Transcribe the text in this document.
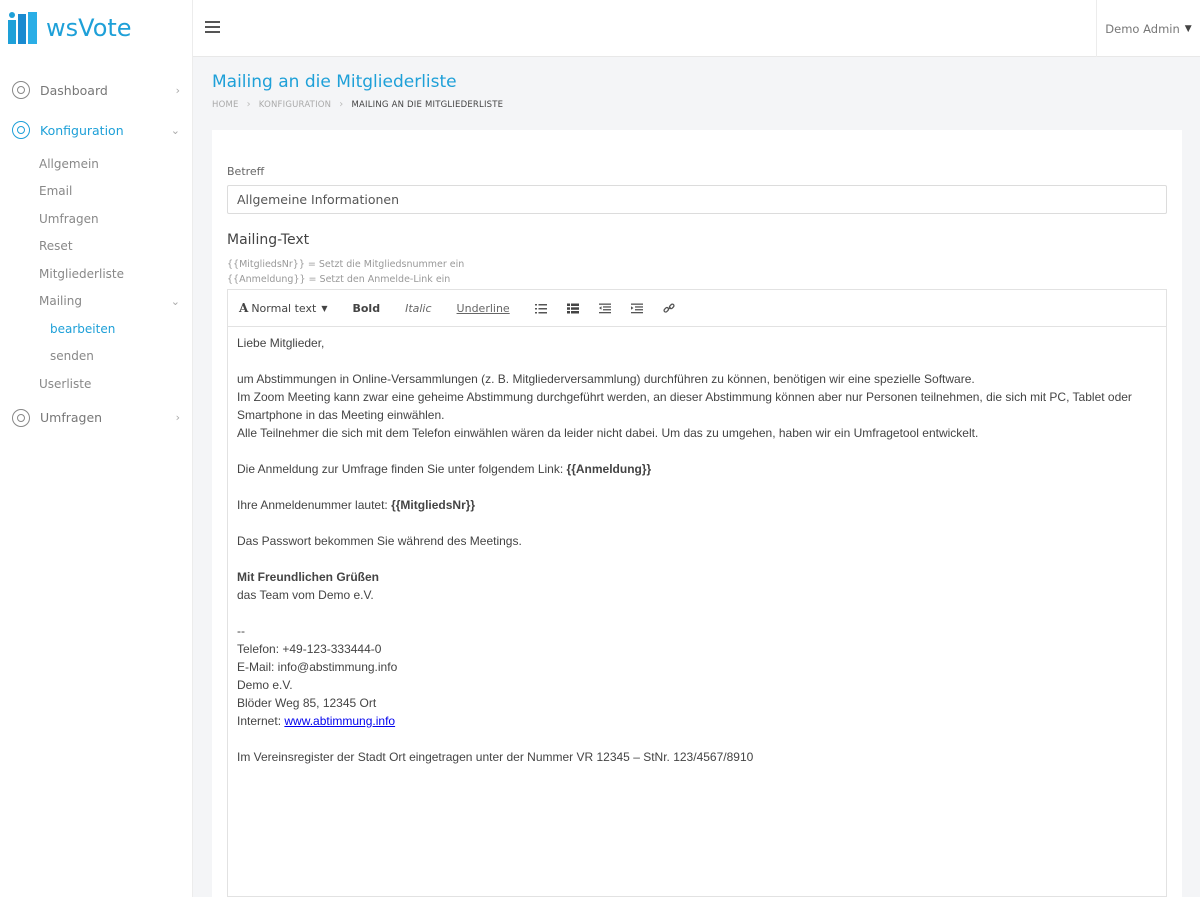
wsVote
Dashboard	›
Konfiguration	⌄
Allgemein
Email
Umfragen
Reset
Mitgliederliste
Mailing	⌄
bearbeiten
senden
Userliste
Umfragen	›
Demo Admin ▼
Mailing an die Mitgliederliste
HOME › KONFIGURATION › MAILING AN DIE MITGLIEDERLISTE
Betreff
Allgemeine Informationen
Mailing-Text
{{MitgliedsNr}} = Setzt die Mitgliedsnummer ein
{{Anmeldung}} = Setzt den Anmelde-Link ein
A Normal text ▼ Bold Italic Underline

Liebe Mitglieder,

um Abstimmungen in Online-Versammlungen (z. B. Mitgliederversammlung) durchführen zu können, benötigen wir eine spezielle Software.

Im Zoom Meeting kann zwar eine geheime Abstimmung durchgeführt werden, an dieser Abstimmung können aber nur Personen teilnehmen, die sich mit PC, Tablet oder Smartphone in das Meeting einwählen.

Alle Teilnehmer die sich mit dem Telefon einwählen wären da leider nicht dabei. Um das zu umgehen, haben wir ein Umfragetool entwickelt.

Die Anmeldung zur Umfrage finden Sie unter folgendem Link: {{Anmeldung}}

Ihre Anmeldenummer lautet: {{MitgliedsNr}}

Das Passwort bekommen Sie während des Meetings.

Mit Freundlichen Grüßen

das Team vom Demo e.V.

--

Telefon: +49-123-333444-0

E-Mail: info@abstimmung.info

Demo e.V.

Blöder Weg 85, 12345 Ort

Internet: www.abtimmung.info

Im Vereinsregister der Stadt Ort eingetragen unter der Nummer VR 12345 – StNr. 123/4567/8910
